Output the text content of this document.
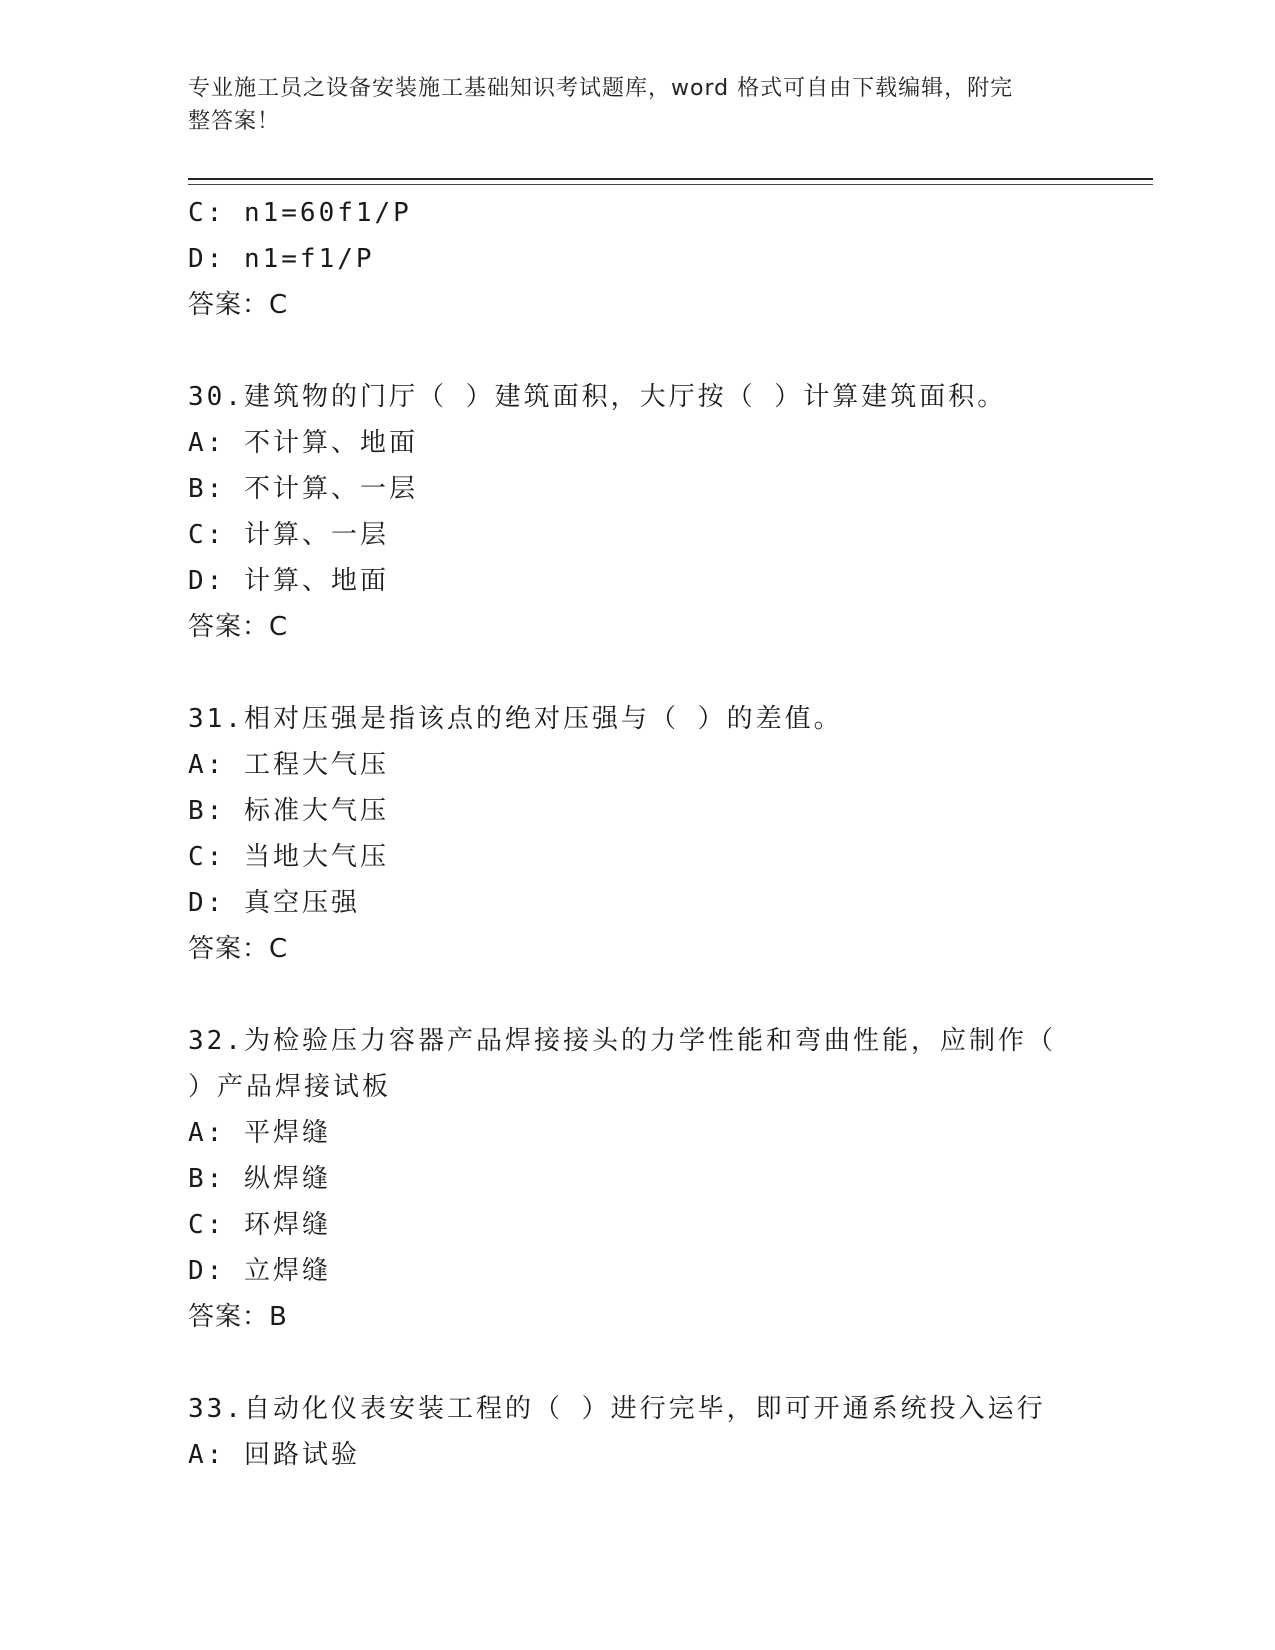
专业施工员之设备安装施工基础知识考试题库，word 格式可自由下载编辑，附完
整答案！
C: n1=60f1/P
D: n1=f1/P
答案：C
30.建筑物的门厅（ ）建筑面积，大厅按（ ）计算建筑面积。
A: 不计算、地面
B: 不计算、一层
C: 计算、一层
D: 计算、地面
答案：C
31.相对压强是指该点的绝对压强与（ ）的差值。
A: 工程大气压
B: 标准大气压
C: 当地大气压
D: 真空压强
答案：C
32.为检验压力容器产品焊接接头的力学性能和弯曲性能，应制作（
）产品焊接试板
A: 平焊缝
B: 纵焊缝
C: 环焊缝
D: 立焊缝
答案：B
33.自动化仪表安装工程的（ ）进行完毕，即可开通系统投入运行
A: 回路试验
